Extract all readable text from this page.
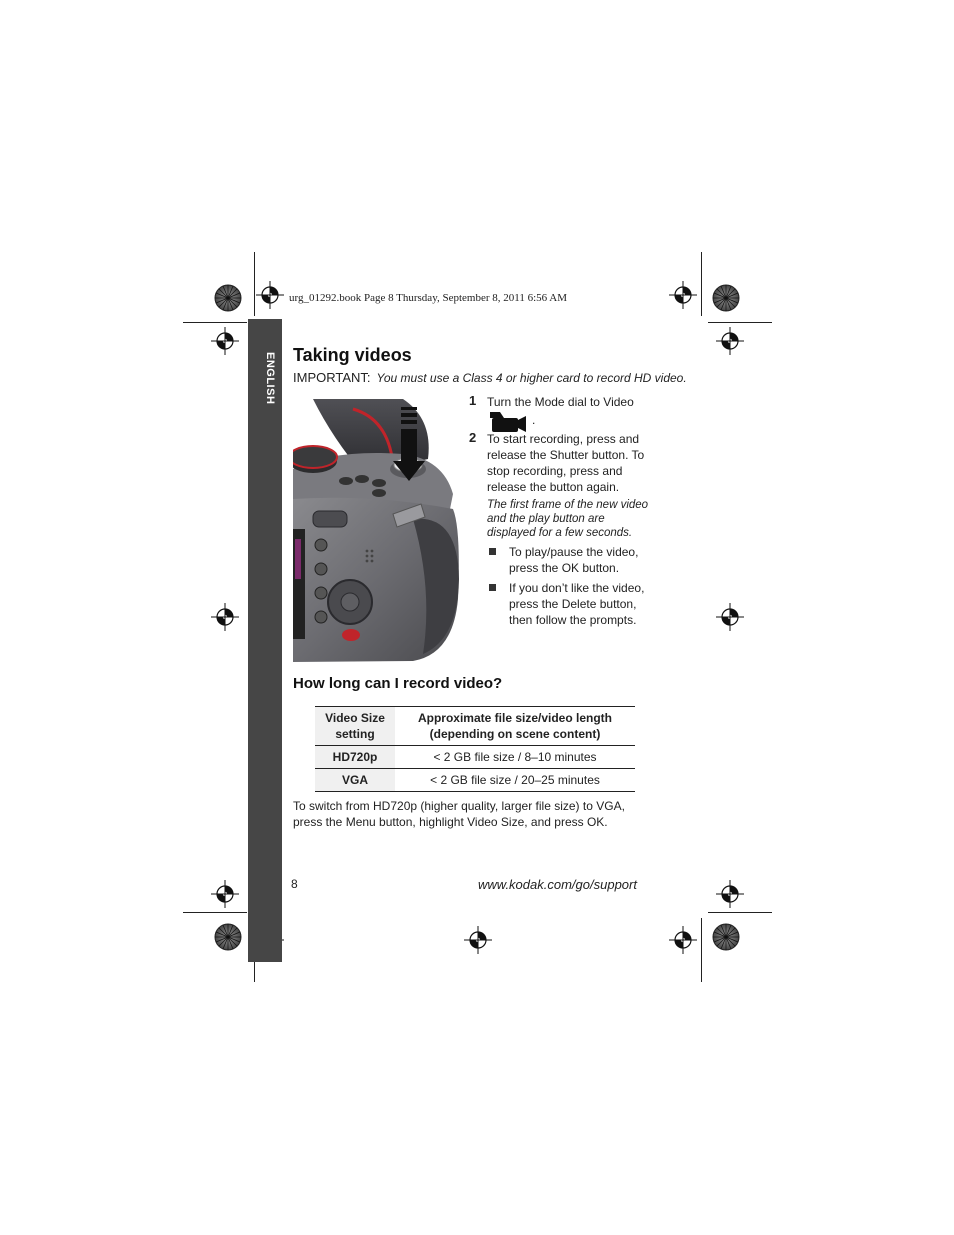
urg_01292.book Page 8 Thursday, September 8, 2011 6:56 AM
ENGLISH Taking videos
IMPORTANT: You must use a Class 4 or higher card to record HD video.
1 Turn the Mode dial to Video
.
2 To start recording, press and release the Shutter button. To stop recording, press and release the button again.
The first frame of the new video and the play button are displayed for a few seconds.
To play/pause the video, press the OK button.
If you don’t like the video, press the Delete button, then follow the prompts.
How long can I record video?
Video Size setting	Approximate file size/video length (depending on scene content)
HD720p	< 2 GB file size / 8–10 minutes
VGA	< 2 GB file size / 20–25 minutes
To switch from HD720p (higher quality, larger file size) to VGA, press the Menu button, highlight Video Size, and press OK.
8	www.kodak.com/go/support
